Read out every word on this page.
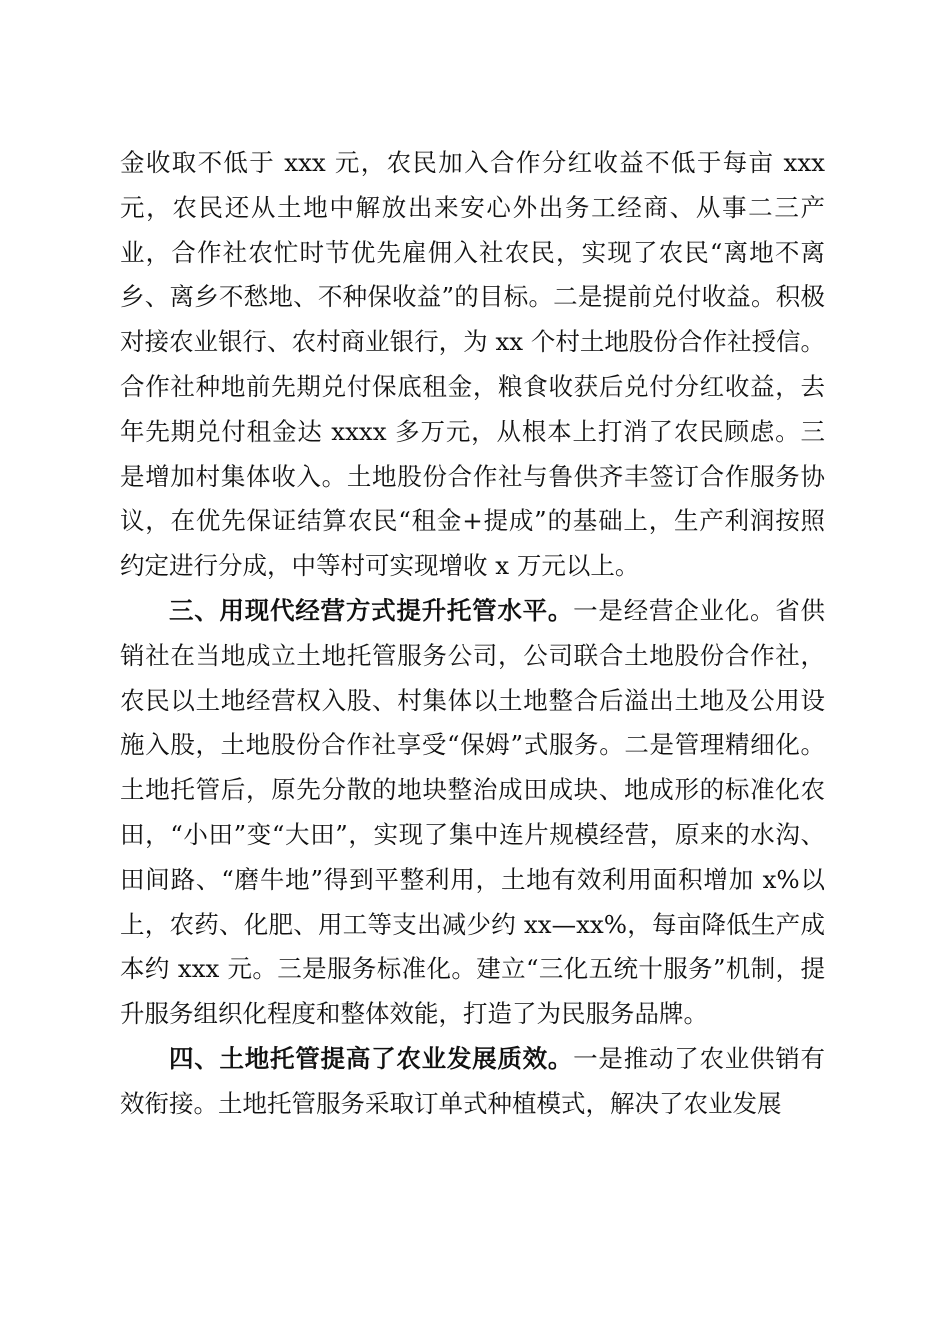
金收取不低于 xxx 元，农民加入合作分红收益不低于每亩 xxx 元，农民还从土地中解放出来安心外出务工经商、从事二三产业，合作社农忙时节优先雇佣入社农民，实现了农民“离地不离乡、离乡不愁地、不种保收益”的目标。二是提前兑付收益。积极对接农业银行、农村商业银行，为 xx 个村土地股份合作社授信。合作社种地前先期兑付保底租金，粮食收获后兑付分红收益，去年先期兑付租金达 xxxx 多万元，从根本上打消了农民顾虑。三是增加村集体收入。土地股份合作社与鲁供齐丰签订合作服务协议，在优先保证结算农民“租金+提成”的基础上，生产利润按照约定进行分成，中等村可实现增收 x 万元以上。

三、用现代经营方式提升托管水平。一是经营企业化。省供销社在当地成立土地托管服务公司，公司联合土地股份合作社，农民以土地经营权入股、村集体以土地整合后溢出土地及公用设施入股，土地股份合作社享受“保姆”式服务。二是管理精细化。土地托管后，原先分散的地块整治成田成块、地成形的标准化农田，“小田”变“大田”，实现了集中连片规模经营，原来的水沟、田间路、“磨牛地”得到平整利用，土地有效利用面积增加 x%以上，农药、化肥、用工等支出减少约 xx—xx%，每亩降低生产成本约 xxx 元。三是服务标准化。建立“三化五统十服务”机制，提升服务组织化程度和整体效能，打造了为民服务品牌。

四、土地托管提高了农业发展质效。一是推动了农业供销有效衔接。土地托管服务采取订单式种植模式，解决了农业发展
